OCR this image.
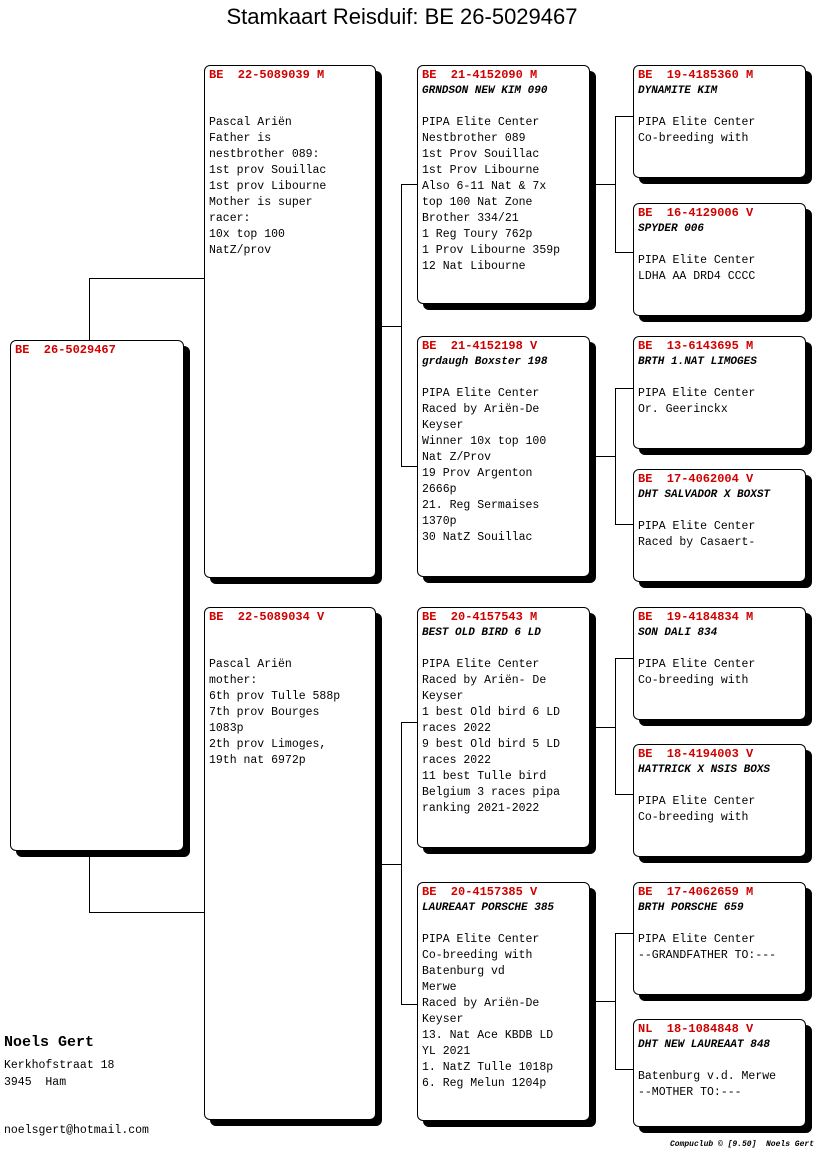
Stamkaart Reisduif: BE 26-5029467
BE  26-5029467
BE  22-5089039 M
Pascal Ariën
Father is
nestbrother 089:
1st prov Souillac
1st prov Libourne
Mother is super
racer:
10x top 100
NatZ/prov
BE  22-5089034 V
Pascal Ariën
mother:
6th prov Tulle 588p
7th prov Bourges
1083p
2th prov Limoges,
19th nat 6972p
BE  21-4152090 M
GRNDSON NEW KIM 090
PIPA Elite Center
Nestbrother 089
1st Prov Souillac
1st Prov Libourne
Also 6-11 Nat & 7x
top 100 Nat Zone
Brother 334/21
1 Reg Toury 762p
1 Prov Libourne 359p
12 Nat Libourne
BE  21-4152198 V
grdaugh Boxster 198
PIPA Elite Center
Raced by Ariën-De
Keyser
Winner 10x top 100
Nat Z/Prov
19 Prov Argenton
2666p
21. Reg Sermaises
1370p
30 NatZ Souillac
BE  20-4157543 M
BEST OLD BIRD 6 LD
PIPA Elite Center
Raced by Ariën- De
Keyser
1 best Old bird 6 LD
races 2022
9 best Old bird 5 LD
races 2022
11 best Tulle bird
Belgium 3 races pipa
ranking 2021-2022
BE  20-4157385 V
LAUREAAT PORSCHE 385
PIPA Elite Center
Co-breeding with
Batenburg vd
Merwe
Raced by Ariën-De
Keyser
13. Nat Ace KBDB LD
YL 2021
1. NatZ Tulle 1018p
6. Reg Melun 1204p
BE  19-4185360 M
DYNAMITE KIM
PIPA Elite Center
Co-breeding with
BE  16-4129006 V
SPYDER 006
PIPA Elite Center
LDHA AA DRD4 CCCC
BE  13-6143695 M
BRTH 1.NAT LIMOGES
PIPA Elite Center
Or. Geerinckx
BE  17-4062004 V
DHT SALVADOR X BOXST
PIPA Elite Center
Raced by Casaert-
BE  19-4184834 M
SON DALI 834
PIPA Elite Center
Co-breeding with
BE  18-4194003 V
HATTRICK X NSIS BOXS
PIPA Elite Center
Co-breeding with
BE  17-4062659 M
BRTH PORSCHE 659
PIPA Elite Center
--GRANDFATHER TO:---
NL  18-1084848 V
DHT NEW LAUREAAT 848
Batenburg v.d. Merwe
--MOTHER TO:---
Noels Gert
Kerkhofstraat 18
3945  Ham
noelsgert@hotmail.com
Compuclub © [9.50]  Noels Gert
